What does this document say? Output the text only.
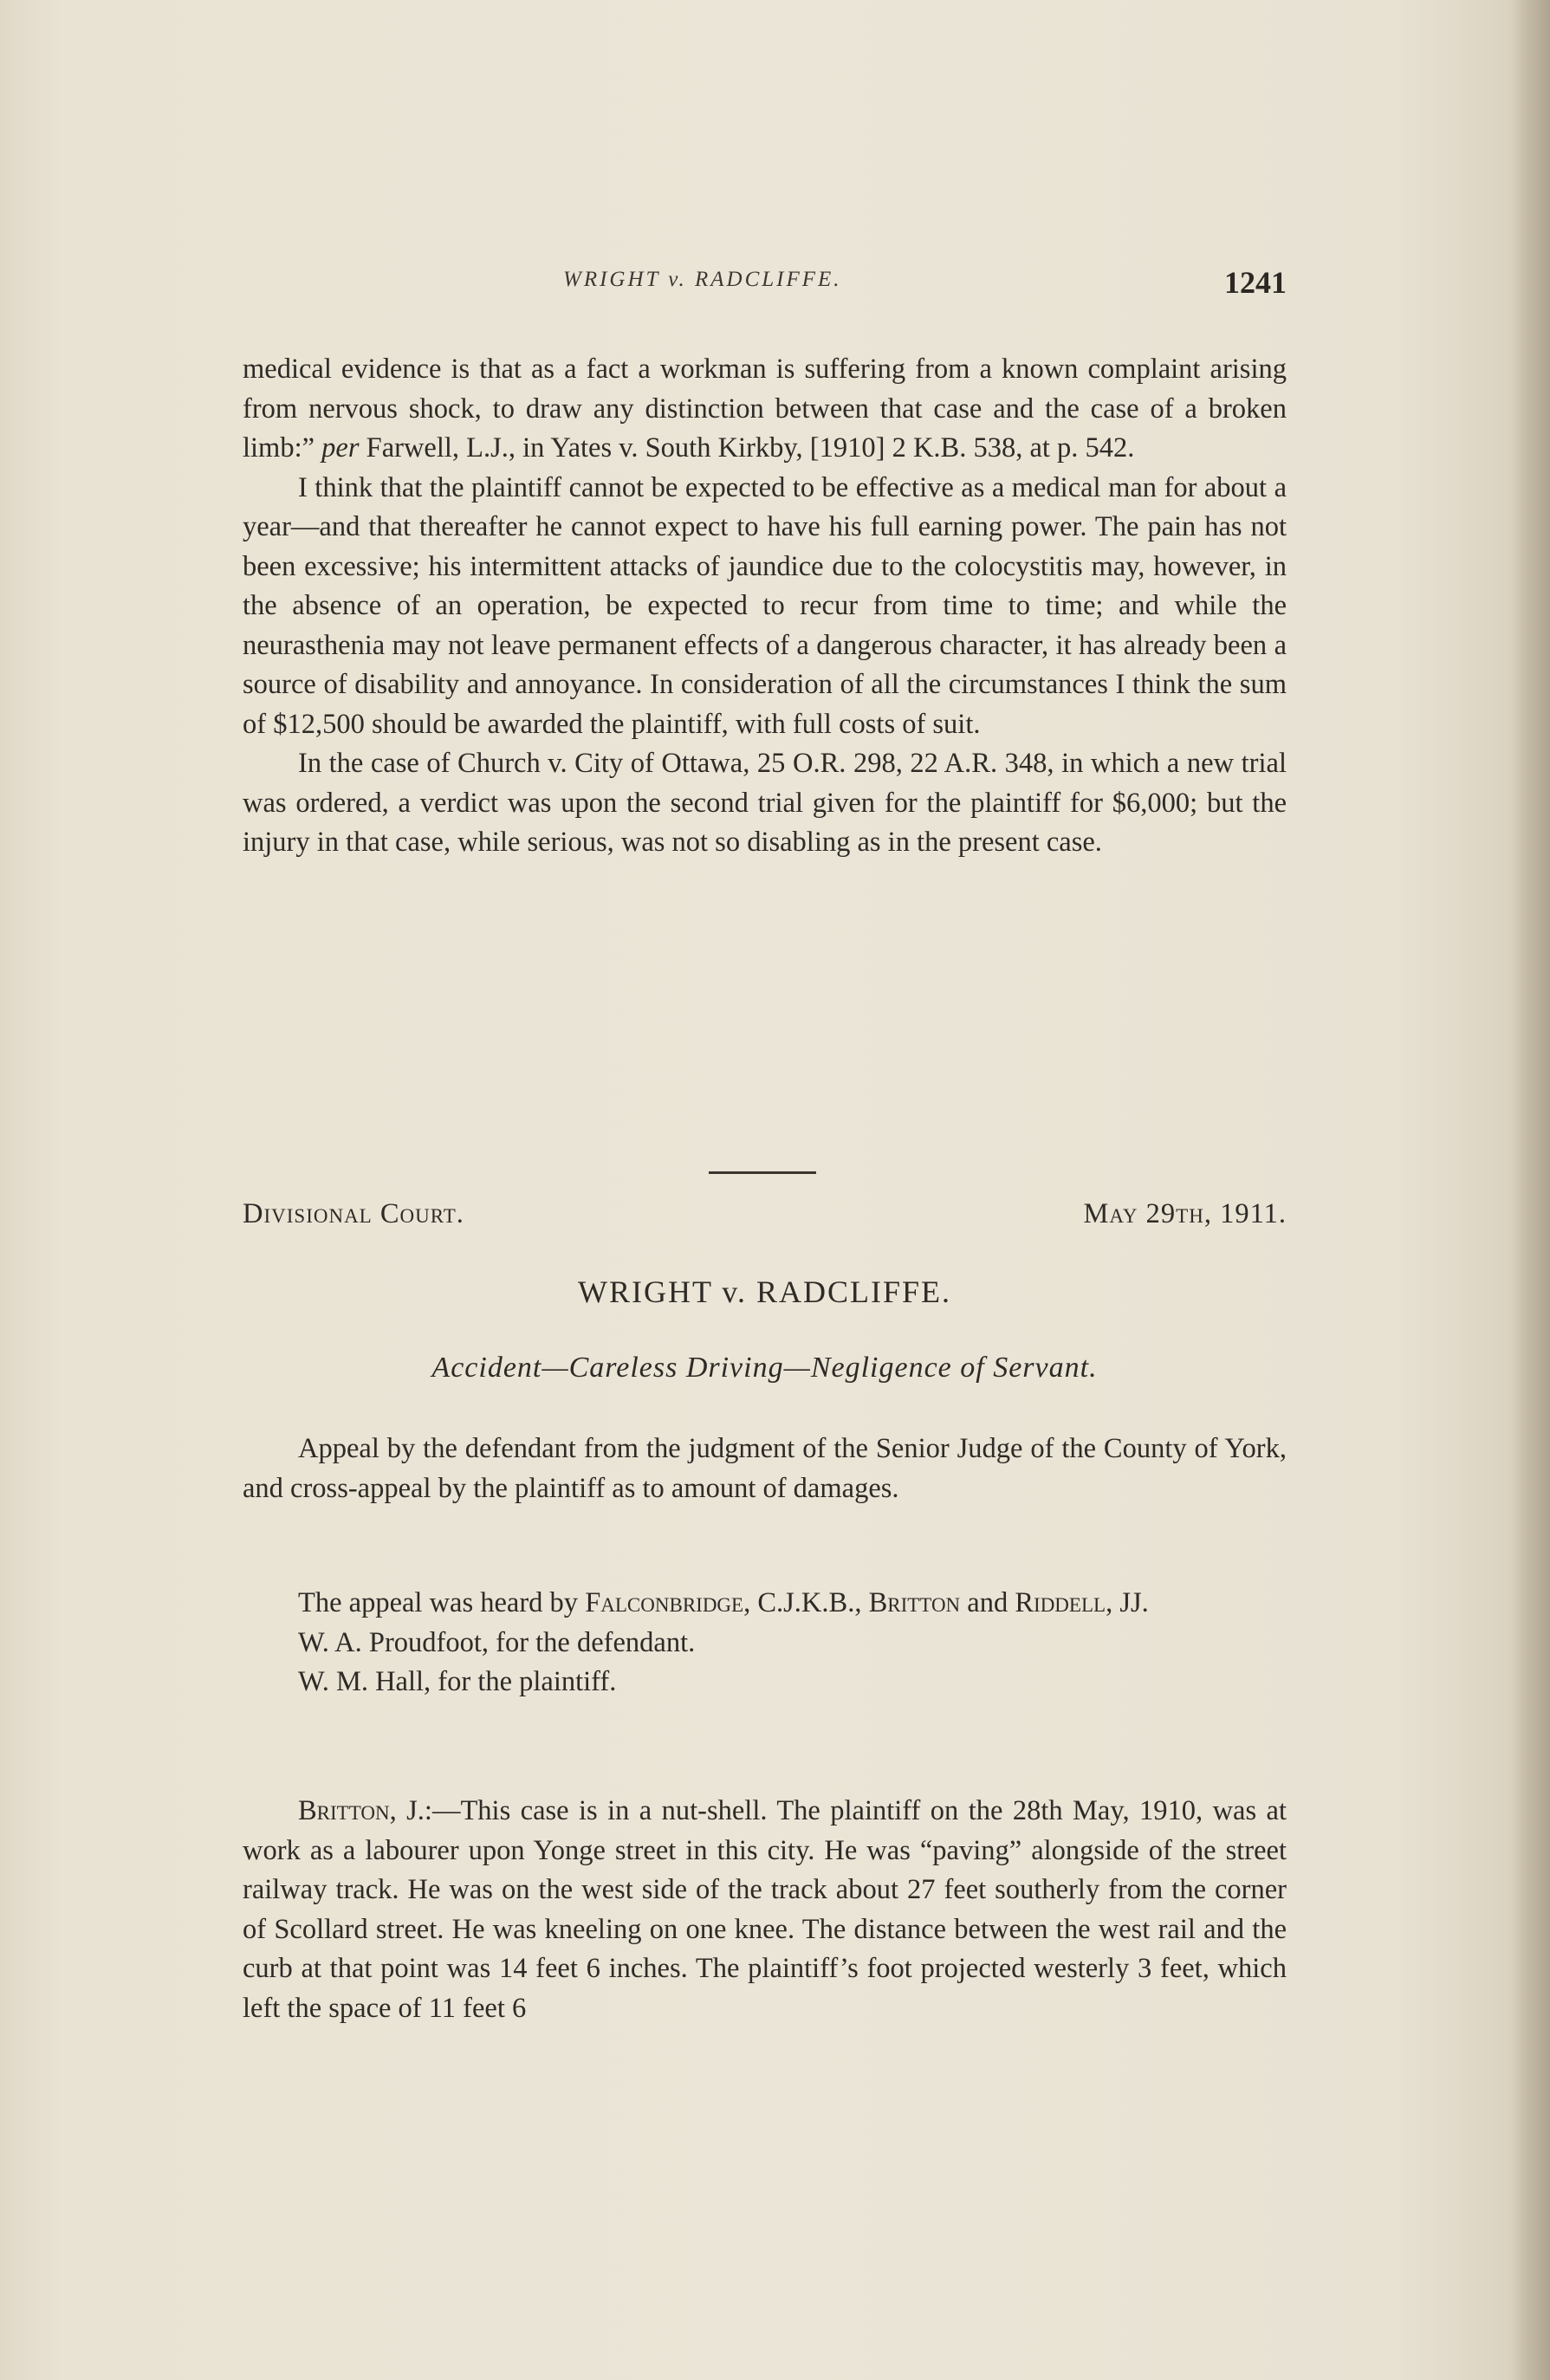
WRIGHT v. RADCLIFFE.	1241

medical evidence is that as a fact a workman is suffering from a known complaint arising from nervous shock, to draw any distinction between that case and the case of a broken limb:” per Farwell, L.J., in Yates v. South Kirkby, [1910] 2 K.B. 538, at p. 542.

I think that the plaintiff cannot be expected to be effective as a medical man for about a year—and that thereafter he cannot expect to have his full earning power. The pain has not been excessive; his intermittent attacks of jaundice due to the colocystitis may, however, in the absence of an operation, be expected to recur from time to time; and while the neurasthenia may not leave permanent effects of a dangerous character, it has already been a source of disability and annoyance. In consideration of all the circumstances I think the sum of $12,500 should be awarded the plaintiff, with full costs of suit.

In the case of Church v. City of Ottawa, 25 O.R. 298, 22 A.R. 348, in which a new trial was ordered, a verdict was upon the second trial given for the plaintiff for $6,000; but the injury in that case, while serious, was not so disabling as in the present case.

Divisional Court.	May 29th, 1911.
WRIGHT v. RADCLIFFE.
Accident—Careless Driving—Negligence of Servant.

Appeal by the defendant from the judgment of the Senior Judge of the County of York, and cross-appeal by the plaintiff as to amount of damages.

The appeal was heard by Falconbridge, C.J.K.B., Britton and Riddell, JJ.

W. A. Proudfoot, for the defendant.

W. M. Hall, for the plaintiff.

Britton, J.:—This case is in a nut-shell. The plaintiff on the 28th May, 1910, was at work as a labourer upon Yonge street in this city. He was “paving” alongside of the street railway track. He was on the west side of the track about 27 feet southerly from the corner of Scollard street. He was kneeling on one knee. The distance between the west rail and the curb at that point was 14 feet 6 inches. The plaintiff’s foot projected westerly 3 feet, which left the space of 11 feet 6
